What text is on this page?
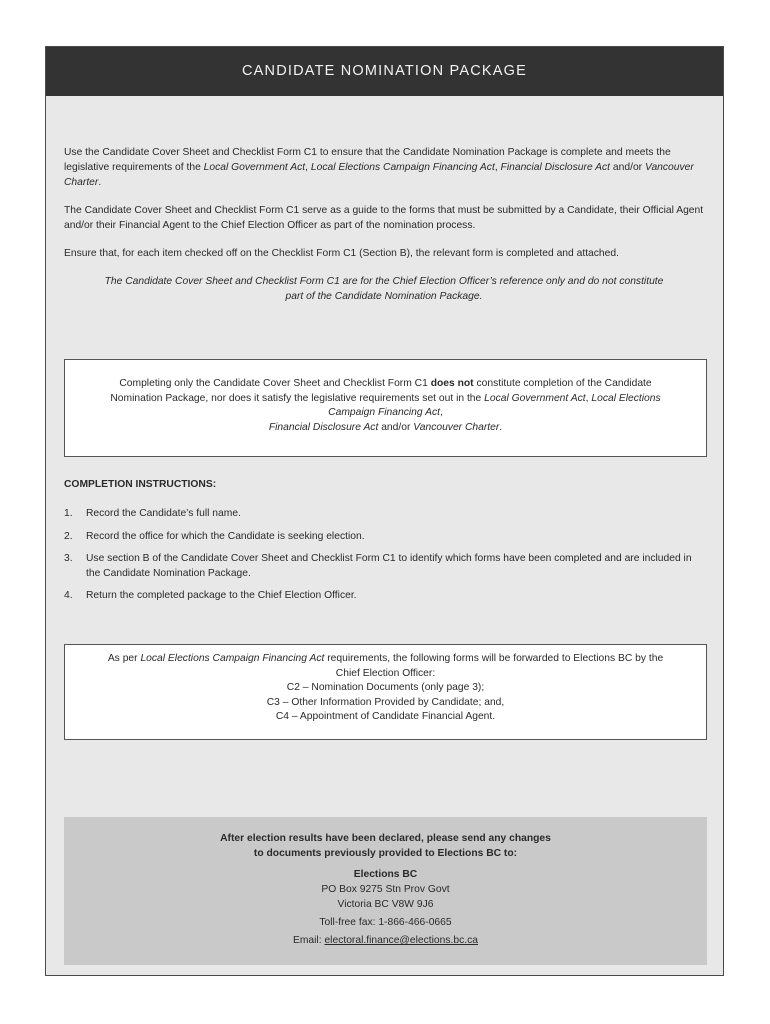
CANDIDATE NOMINATION PACKAGE

Use the Candidate Cover Sheet and Checklist Form C1 to ensure that the Candidate Nomination Package is complete and meets the legislative requirements of the Local Government Act, Local Elections Campaign Financing Act, Financial Disclosure Act and/or Vancouver Charter.

The Candidate Cover Sheet and Checklist Form C1 serve as a guide to the forms that must be submitted by a Candidate, their Official Agent and/or their Financial Agent to the Chief Election Officer as part of the nomination process.

Ensure that, for each item checked off on the Checklist Form C1 (Section B), the relevant form is completed and attached.

The Candidate Cover Sheet and Checklist Form C1 are for the Chief Election Officer’s reference only and do not constitute part of the Candidate Nomination Package.

Completing only the Candidate Cover Sheet and Checklist Form C1 does not constitute completion of the Candidate Nomination Package, nor does it satisfy the legislative requirements set out in the Local Government Act, Local Elections Campaign Financing Act,
Financial Disclosure Act and/or Vancouver Charter.
COMPLETION INSTRUCTIONS:
1.	Record the Candidate’s full name.
2.	Record the office for which the Candidate is seeking election.
3.	Use section B of the Candidate Cover Sheet and Checklist Form C1 to identify which forms have been completed and are included in the Candidate Nomination Package.
4.	Return the completed package to the Chief Election Officer.
As per Local Elections Campaign Financing Act requirements, the following forms will be forwarded to Elections BC by the Chief Election Officer:
C2 – Nomination Documents (only page 3);
C3 – Other Information Provided by Candidate; and,
C4 – Appointment of Candidate Financial Agent.
After election results have been declared, please send any changes
to documents previously provided to Elections BC to:
Elections BC
PO Box 9275 Stn Prov Govt
Victoria BC V8W 9J6
Toll-free fax: 1-866-466-0665
Email: electoral.finance@elections.bc.ca
